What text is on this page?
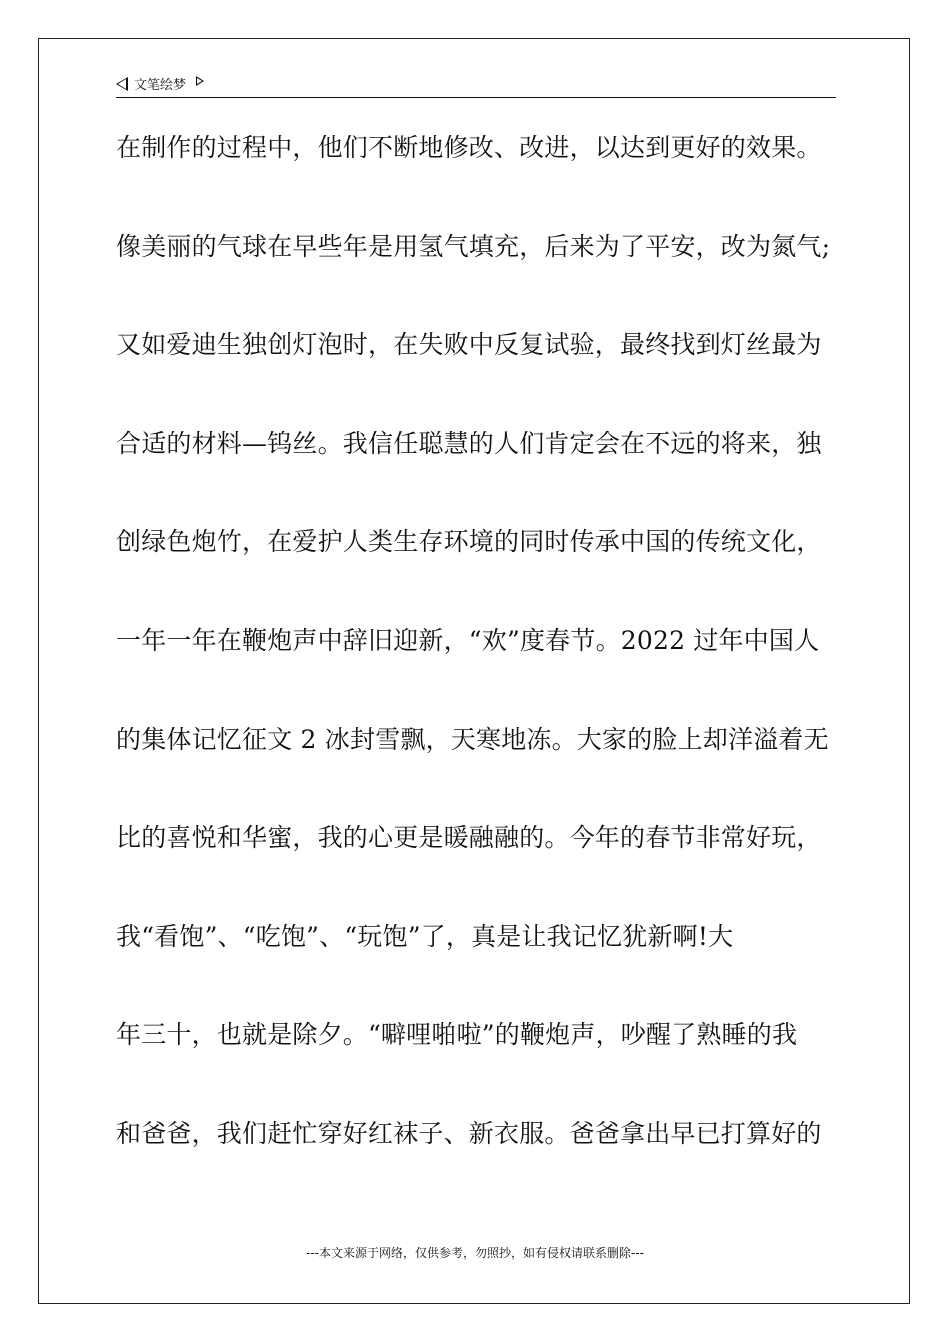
文笔绘梦
在制作的过程中，他们不断地修改、改进，以达到更好的效果。
像美丽的气球在早些年是用氢气填充，后来为了平安，改为氮气;
又如爱迪生独创灯泡时，在失败中反复试验，最终找到灯丝最为
合适的材料—钨丝。我信任聪慧的人们肯定会在不远的将来，独
创绿色炮竹，在爱护人类生存环境的同时传承中国的传统文化，
一年一年在鞭炮声中辞旧迎新，“欢”度春节。2022 过年中国人
的集体记忆征文 2 冰封雪飘，天寒地冻。大家的脸上却洋溢着无
比的喜悦和华蜜，我的心更是暖融融的。今年的春节非常好玩，
我“看饱”、“吃饱”、“玩饱”了，真是让我记忆犹新啊!大
年三十，也就是除夕。“噼哩啪啦”的鞭炮声，吵醒了熟睡的我
和爸爸，我们赶忙穿好红袜子、新衣服。爸爸拿出早已打算好的
---本文来源于网络，仅供参考，勿照抄，如有侵权请联系删除---
